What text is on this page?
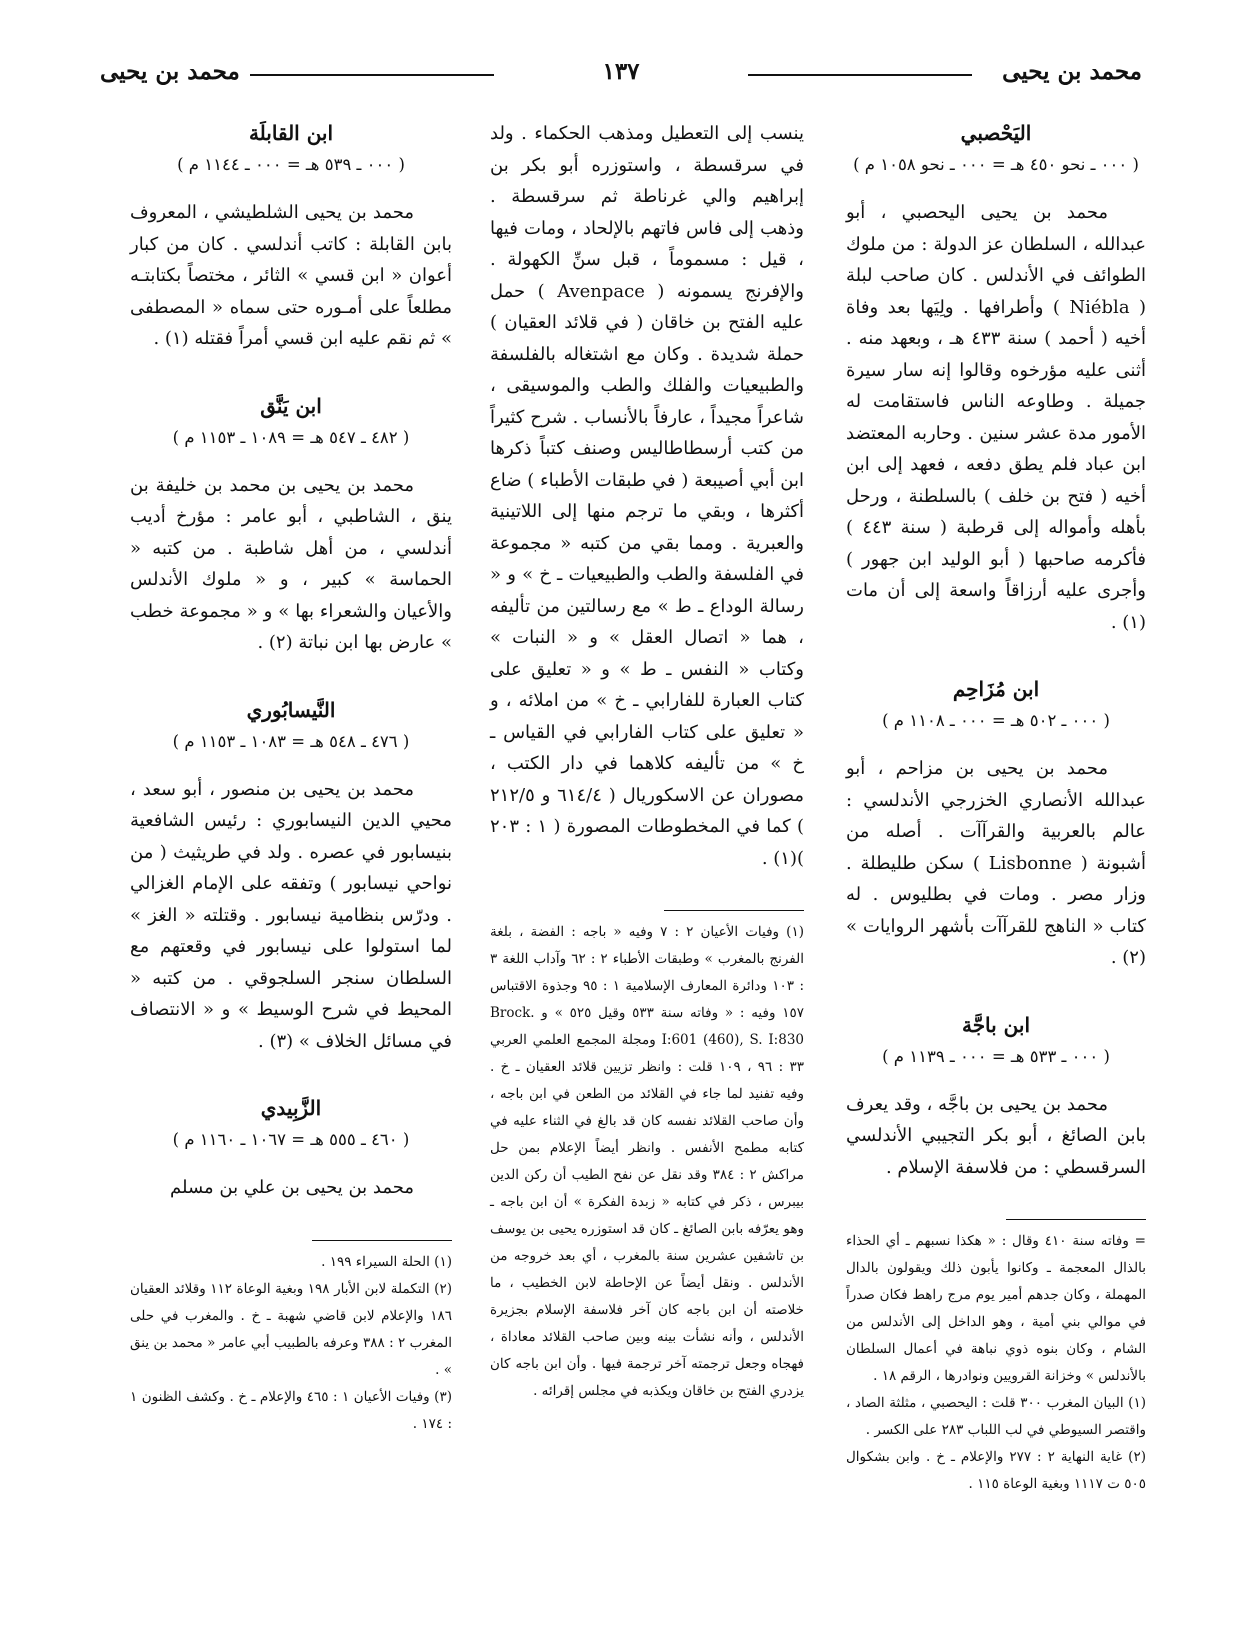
محمد بن يحيى
١٣٧
محمد بن يحيى
اليَحْصبي
( ٠٠٠ ـ نحو ٤٥٠ هـ = ٠٠٠ ـ نحو ١٠٥٨ م )

محمد بن يحيى اليحصبي ، أبو عبدالله ، السلطان عز الدولة : من ملوك الطوائف في الأندلس . كان صاحب لبلة ( Niébla ) وأطرافها . ولِيَها بعد وفاة أخيه ( أحمد ) سنة ٤٣٣ هـ ، وبعهد منه . أثنى عليه مؤرخوه وقالوا إنه سار سيرة جميلة . وطاوعه الناس فاستقامت له الأمور مدة عشر سنين . وحاربه المعتضد ابن عباد فلم يطق دفعه ، فعهد إلى ابن أخيه ( فتح بن خلف ) بالسلطنة ، ورحل بأهله وأمواله إلى قرطبة ( سنة ٤٤٣ ) فأكرمه صاحبها ( أبو الوليد ابن جهور ) وأجرى عليه أرزاقاً واسعة إلى أن مات (١) .

ابن مُزَاحِم
( ٠٠٠ ـ ٥٠٢ هـ = ٠٠٠ ـ ١١٠٨ م )

محمد بن يحيى بن مزاحم ، أبو عبدالله الأنصاري الخزرجي الأندلسي : عالم بالعربية والقرآآت . أصله من أشبونة ( Lisbonne ) سكن طليطلة . وزار مصر . ومات في بطليوس . له كتاب « الناهج للقرآآت بأشهر الروايات » (٢) .

ابن باجَّة
( ٠٠٠ ـ ٥٣٣ هـ = ٠٠٠ ـ ١١٣٩ م )

محمد بن يحيى بن باجَّه ، وقد يعرف بابن الصائغ ، أبو بكر التجيبي الأندلسي السرقسطي : من فلاسفة الإسلام .

= وفاته سنة ٤١٠ وقال : « هكذا نسبهم ـ أي الحذاء بالذال المعجمة ـ وكانوا يأبون ذلك ويقولون بالدال المهملة ، وكان جدهم أمير يوم مرج راهط فكان صدراً في موالي بني أمية ، وهو الداخل إلى الأندلس من الشام ، وكان بنوه ذوي نباهة في أعمال السلطان بالأندلس » وخزانة القرويين ونوادرها ، الرقم ١٨ .

(١) البيان المغرب ٣٠٠ قلت : اليحصبي ، مثلثة الصاد ، واقتصر السيوطي في لب اللباب ٢٨٣ على الكسر .

(٢) غاية النهاية ٢ : ٢٧٧ والإعلام ـ خ . وابن بشكوال ٥٠٥ ت ١١١٧ وبغية الوعاة ١١٥ .

ينسب إلى التعطيل ومذهب الحكماء . ولد في سرقسطة ، واستوزره أبو بكر بن إبراهيم والي غرناطة ثم سرقسطة . وذهب إلى فاس فاتهم بالإلحاد ، ومات فيها ، قيل : مسموماً ، قبل سنِّ الكهولة . والإفرنج يسمونه ( Avenpace ) حمل عليه الفتح بن خاقان ( في قلائد العقيان ) حملة شديدة . وكان مع اشتغاله بالفلسفة والطبيعيات والفلك والطب والموسيقى ، شاعراً مجيداً ، عارفاً بالأنساب . شرح كثيراً من كتب أرسطاطاليس وصنف كتباً ذكرها ابن أبي أصيبعة ( في طبقات الأطباء ) ضاع أكثرها ، وبقي ما ترجم منها إلى اللاتينية والعبرية . ومما بقي من كتبه « مجموعة في الفلسفة والطب والطبيعيات ـ خ » و « رسالة الوداع ـ ط » مع رسالتين من تأليفه ، هما « اتصال العقل » و « النبات » وكتاب « النفس ـ ط » و « تعليق على كتاب العبارة للفارابي ـ خ » من املائه ، و « تعليق على كتاب الفارابي في القياس ـ خ » من تأليفه كلاهما في دار الكتب ، مصوران عن الاسكوريال ( ٦١٤/٤ و ٢١٢/٥ ) كما في المخطوطات المصورة ( ١ : ٢٠٣ )(١) .

(١) وفيات الأعيان ٢ : ٧ وفيه « باجه : الفضة ، بلغة الفرنج بالمغرب » وطبقات الأطباء ٢ : ٦٢ وآداب اللغة ٣ : ١٠٣ ودائرة المعارف الإسلامية ١ : ٩٥ وجذوة الاقتباس ١٥٧ وفيه : « وفاته سنة ٥٣٣ وقيل ٥٢٥ » و Brock. I:601 (460), S. I:830 ومجلة المجمع العلمي العربي ٣٣ : ٩٦ ، ١٠٩ قلت : وانظر تزيين قلائد العقيان ـ خ . وفيه تفنيد لما جاء في القلائد من الطعن في ابن باجه ، وأن صاحب القلائد نفسه كان قد بالغ في الثناء عليه في كتابه مطمح الأنفس . وانظر أيضاً الإعلام بمن حل مراكش ٢ : ٣٨٤ وقد نقل عن نفح الطيب أن ركن الدين بيبرس ، ذكر في كتابه « زبدة الفكرة » أن ابن باجه ـ وهو يعرّفه بابن الصائغ ـ كان قد استوزره يحيى بن يوسف بن تاشفين عشرين سنة بالمغرب ، أي بعد خروجه من الأندلس . ونقل أيضاً عن الإحاطة لابن الخطيب ، ما خلاصته أن ابن باجه كان آخر فلاسفة الإسلام بجزيرة الأندلس ، وأنه نشأت بينه وبين صاحب القلائد معاداة ، فهجاه وجعل ترجمته آخر ترجمة فيها . وأن ابن باجه كان يزدري الفتح بن خاقان ويكذبه في مجلس إقرائه .

ابن القابلَة
( ٠٠٠ ـ ٥٣٩ هـ = ٠٠٠ ـ ١١٤٤ م )

محمد بن يحيى الشلطيشي ، المعروف بابن القابلة : كاتب أندلسي . كان من كبار أعوان « ابن قسي » الثائر ، مختصاً بكتابتـه مطلعاً على أمـوره حتى سماه « المصطفى » ثم نقم عليه ابن قسي أمراً فقتله (١) .

ابن يَنَّق
( ٤٨٢ ـ ٥٤٧ هـ = ١٠٨٩ ـ ١١٥٣ م )

محمد بن يحيى بن محمد بن خليفة بن ينق ، الشاطبي ، أبو عامر : مؤرخ أديب أندلسي ، من أهل شاطبة . من كتبه « الحماسة » كبير ، و « ملوك الأندلس والأعيان والشعراء بها » و « مجموعة خطب » عارض بها ابن نباتة (٢) .

النَّيسابُوري
( ٤٧٦ ـ ٥٤٨ هـ = ١٠٨٣ ـ ١١٥٣ م )

محمد بن يحيى بن منصور ، أبو سعد ، محيي الدين النيسابوري : رئيس الشافعية بنيسابور في عصره . ولد في طريثيث ( من نواحي نيسابور ) وتفقه على الإمام الغزالي . ودرّس بنظامية نيسابور . وقتلته « الغز » لما استولوا على نيسابور في وقعتهم مع السلطان سنجر السلجوقي . من كتبه « المحيط في شرح الوسيط » و « الانتصاف في مسائل الخلاف » (٣) .

الزَّبِيدي
( ٤٦٠ ـ ٥٥٥ هـ = ١٠٦٧ ـ ١١٦٠ م )

محمد بن يحيى بن علي بن مسلم

(١) الحلة السيراء ١٩٩ .

(٢) التكملة لابن الأبار ١٩٨ وبغية الوعاة ١١٢ وقلائد العقيان ١٨٦ والإعلام لابن قاضي شهبة ـ خ . والمغرب في حلى المغرب ٢ : ٣٨٨ وعرفه بالطبيب أبي عامر « محمد بن ينق » .

(٣) وفيات الأعيان ١ : ٤٦٥ والإعلام ـ خ . وكشف الظنون ١ : ١٧٤ .
